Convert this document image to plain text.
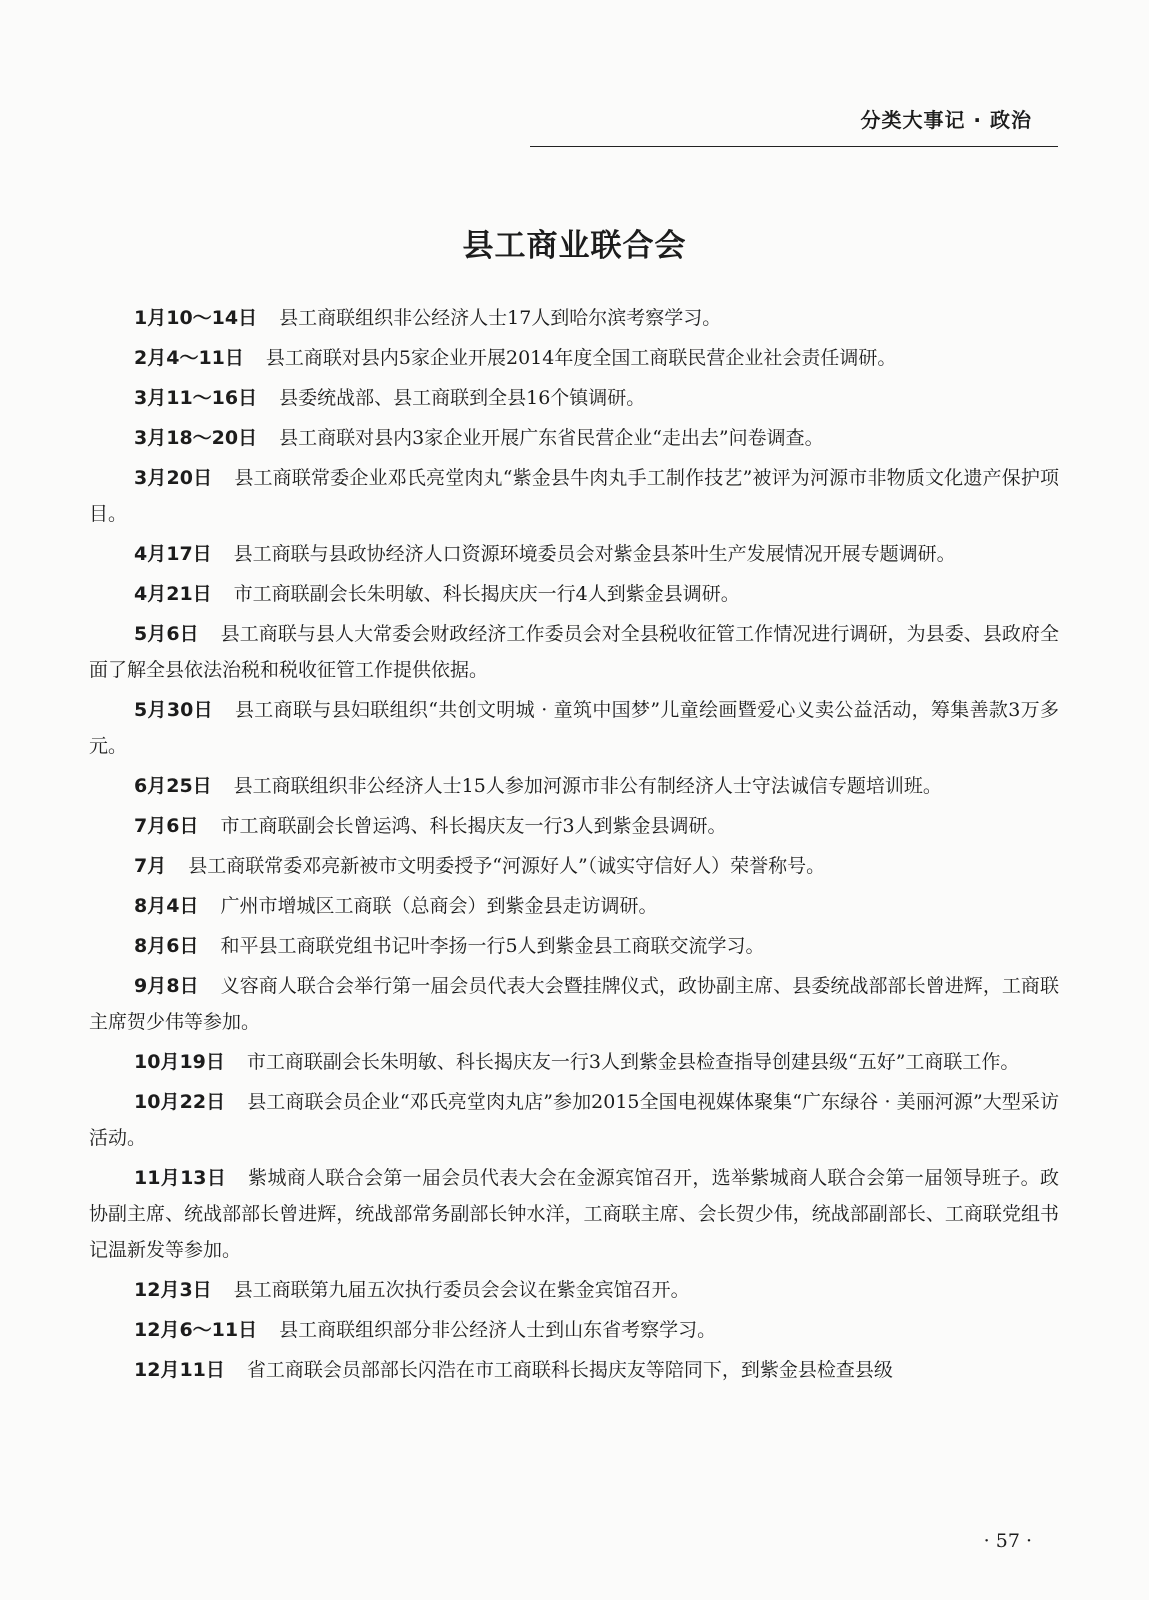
分类大事记 · 政治
县工商业联合会

1月10～14日 县工商联组织非公经济人士17人到哈尔滨考察学习。

2月4～11日 县工商联对县内5家企业开展2014年度全国工商联民营企业社会责任调研。

3月11～16日 县委统战部、县工商联到全县16个镇调研。

3月18～20日 县工商联对县内3家企业开展广东省民营企业“走出去”问卷调查。

3月20日 县工商联常委企业邓氏亮堂肉丸“紫金县牛肉丸手工制作技艺”被评为河源市非物质文化遗产保护项目。

4月17日 县工商联与县政协经济人口资源环境委员会对紫金县茶叶生产发展情况开展专题调研。

4月21日 市工商联副会长朱明敏、科长揭庆庆一行4人到紫金县调研。

5月6日 县工商联与县人大常委会财政经济工作委员会对全县税收征管工作情况进行调研，为县委、县政府全面了解全县依法治税和税收征管工作提供依据。

5月30日 县工商联与县妇联组织“共创文明城 · 童筑中国梦”儿童绘画暨爱心义卖公益活动，筹集善款3万多元。

6月25日 县工商联组织非公经济人士15人参加河源市非公有制经济人士守法诚信专题培训班。

7月6日 市工商联副会长曾运鸿、科长揭庆友一行3人到紫金县调研。

7月 县工商联常委邓亮新被市文明委授予“河源好人”（诚实守信好人）荣誉称号。

8月4日 广州市增城区工商联（总商会）到紫金县走访调研。

8月6日 和平县工商联党组书记叶李扬一行5人到紫金县工商联交流学习。

9月8日 义容商人联合会举行第一届会员代表大会暨挂牌仪式，政协副主席、县委统战部部长曾进辉，工商联主席贺少伟等参加。

10月19日 市工商联副会长朱明敏、科长揭庆友一行3人到紫金县检查指导创建县级“五好”工商联工作。

10月22日 县工商联会员企业“邓氏亮堂肉丸店”参加2015全国电视媒体聚集“广东绿谷 · 美丽河源”大型采访活动。

11月13日 紫城商人联合会第一届会员代表大会在金源宾馆召开，选举紫城商人联合会第一届领导班子。政协副主席、统战部部长曾进辉，统战部常务副部长钟水洋，工商联主席、会长贺少伟，统战部副部长、工商联党组书记温新发等参加。

12月3日 县工商联第九届五次执行委员会会议在紫金宾馆召开。

12月6～11日 县工商联组织部分非公经济人士到山东省考察学习。

12月11日 省工商联会员部部长闪浩在市工商联科长揭庆友等陪同下，到紫金县检查县级

· 57 ·
